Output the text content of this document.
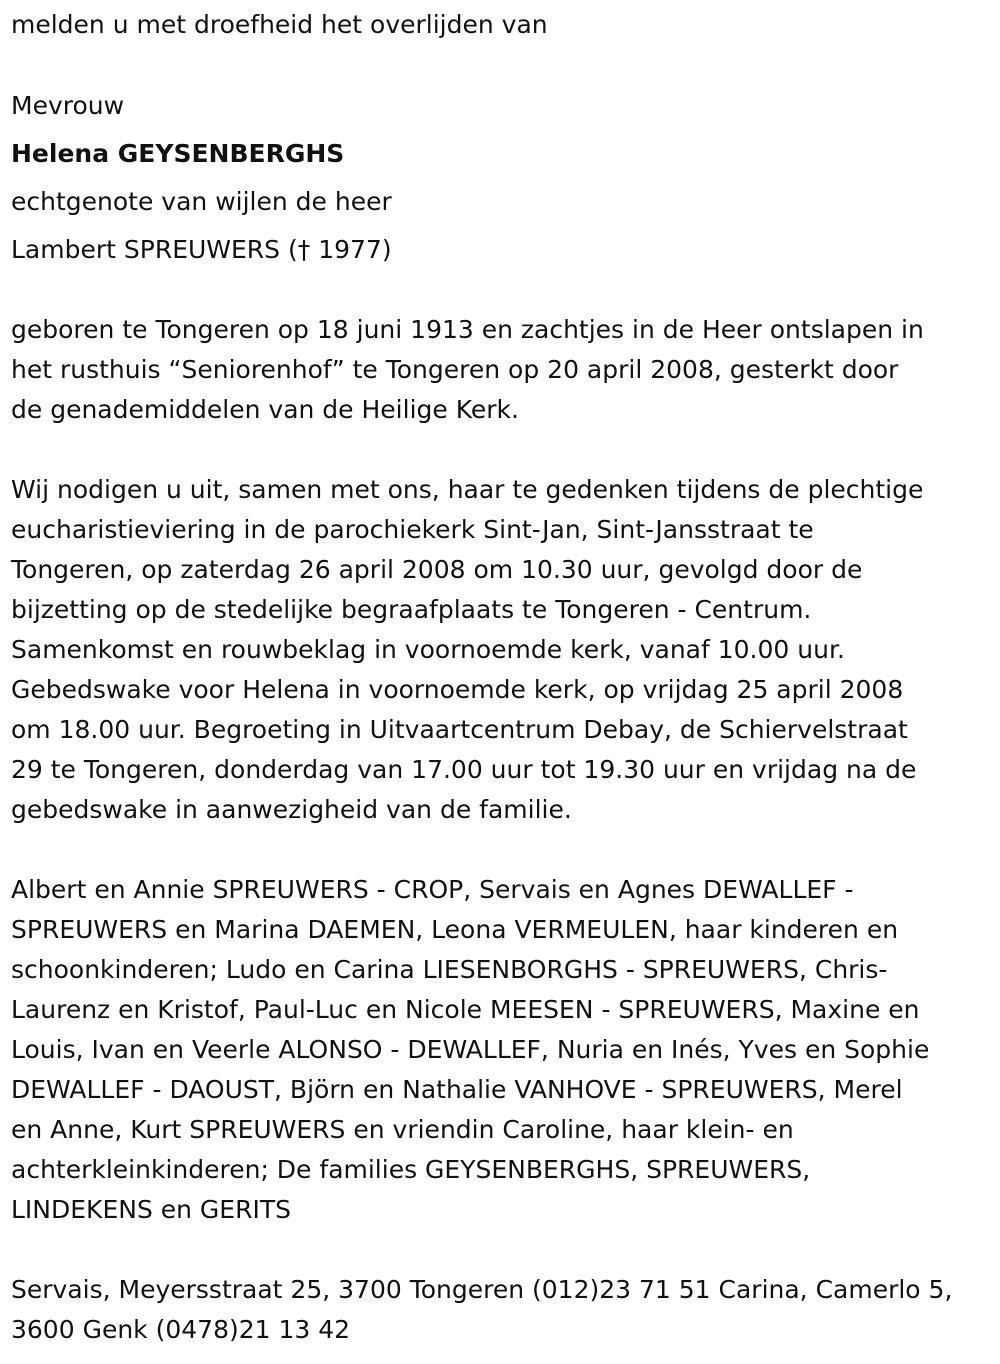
melden u met droefheid het overlijden van

Mevrouw

Helena GEYSENBERGHS

echtgenote van wijlen de heer

Lambert SPREUWERS († 1977)

geboren te Tongeren op 18 juni 1913 en zachtjes in de Heer ontslapen in

het rusthuis “Seniorenhof” te Tongeren op 20 april 2008, gesterkt door

de genademiddelen van de Heilige Kerk.

Wij nodigen u uit, samen met ons, haar te gedenken tijdens de plechtige

eucharistieviering in de parochiekerk Sint-Jan, Sint-Jansstraat te

Tongeren, op zaterdag 26 april 2008 om 10.30 uur, gevolgd door de

bijzetting op de stedelijke begraafplaats te Tongeren - Centrum.

Samenkomst en rouwbeklag in voornoemde kerk, vanaf 10.00 uur.

Gebedswake voor Helena in voornoemde kerk, op vrijdag 25 april 2008

om 18.00 uur. Begroeting in Uitvaartcentrum Debay, de Schiervelstraat

29 te Tongeren, donderdag van 17.00 uur tot 19.30 uur en vrijdag na de

gebedswake in aanwezigheid van de familie.

Albert en Annie SPREUWERS - CROP, Servais en Agnes DEWALLEF -

SPREUWERS en Marina DAEMEN, Leona VERMEULEN, haar kinderen en

schoonkinderen; Ludo en Carina LIESENBORGHS - SPREUWERS, Chris-

Laurenz en Kristof, Paul-Luc en Nicole MEESEN - SPREUWERS, Maxine en

Louis, Ivan en Veerle ALONSO - DEWALLEF, Nuria en Inés, Yves en Sophie

DEWALLEF - DAOUST, Björn en Nathalie VANHOVE - SPREUWERS, Merel

en Anne, Kurt SPREUWERS en vriendin Caroline, haar klein- en

achterkleinkinderen; De families GEYSENBERGHS, SPREUWERS,

LINDEKENS en GERITS

Servais, Meyersstraat 25, 3700 Tongeren (012)23 71 51 Carina, Camerlo 5,

3600 Genk (0478)21 13 42
